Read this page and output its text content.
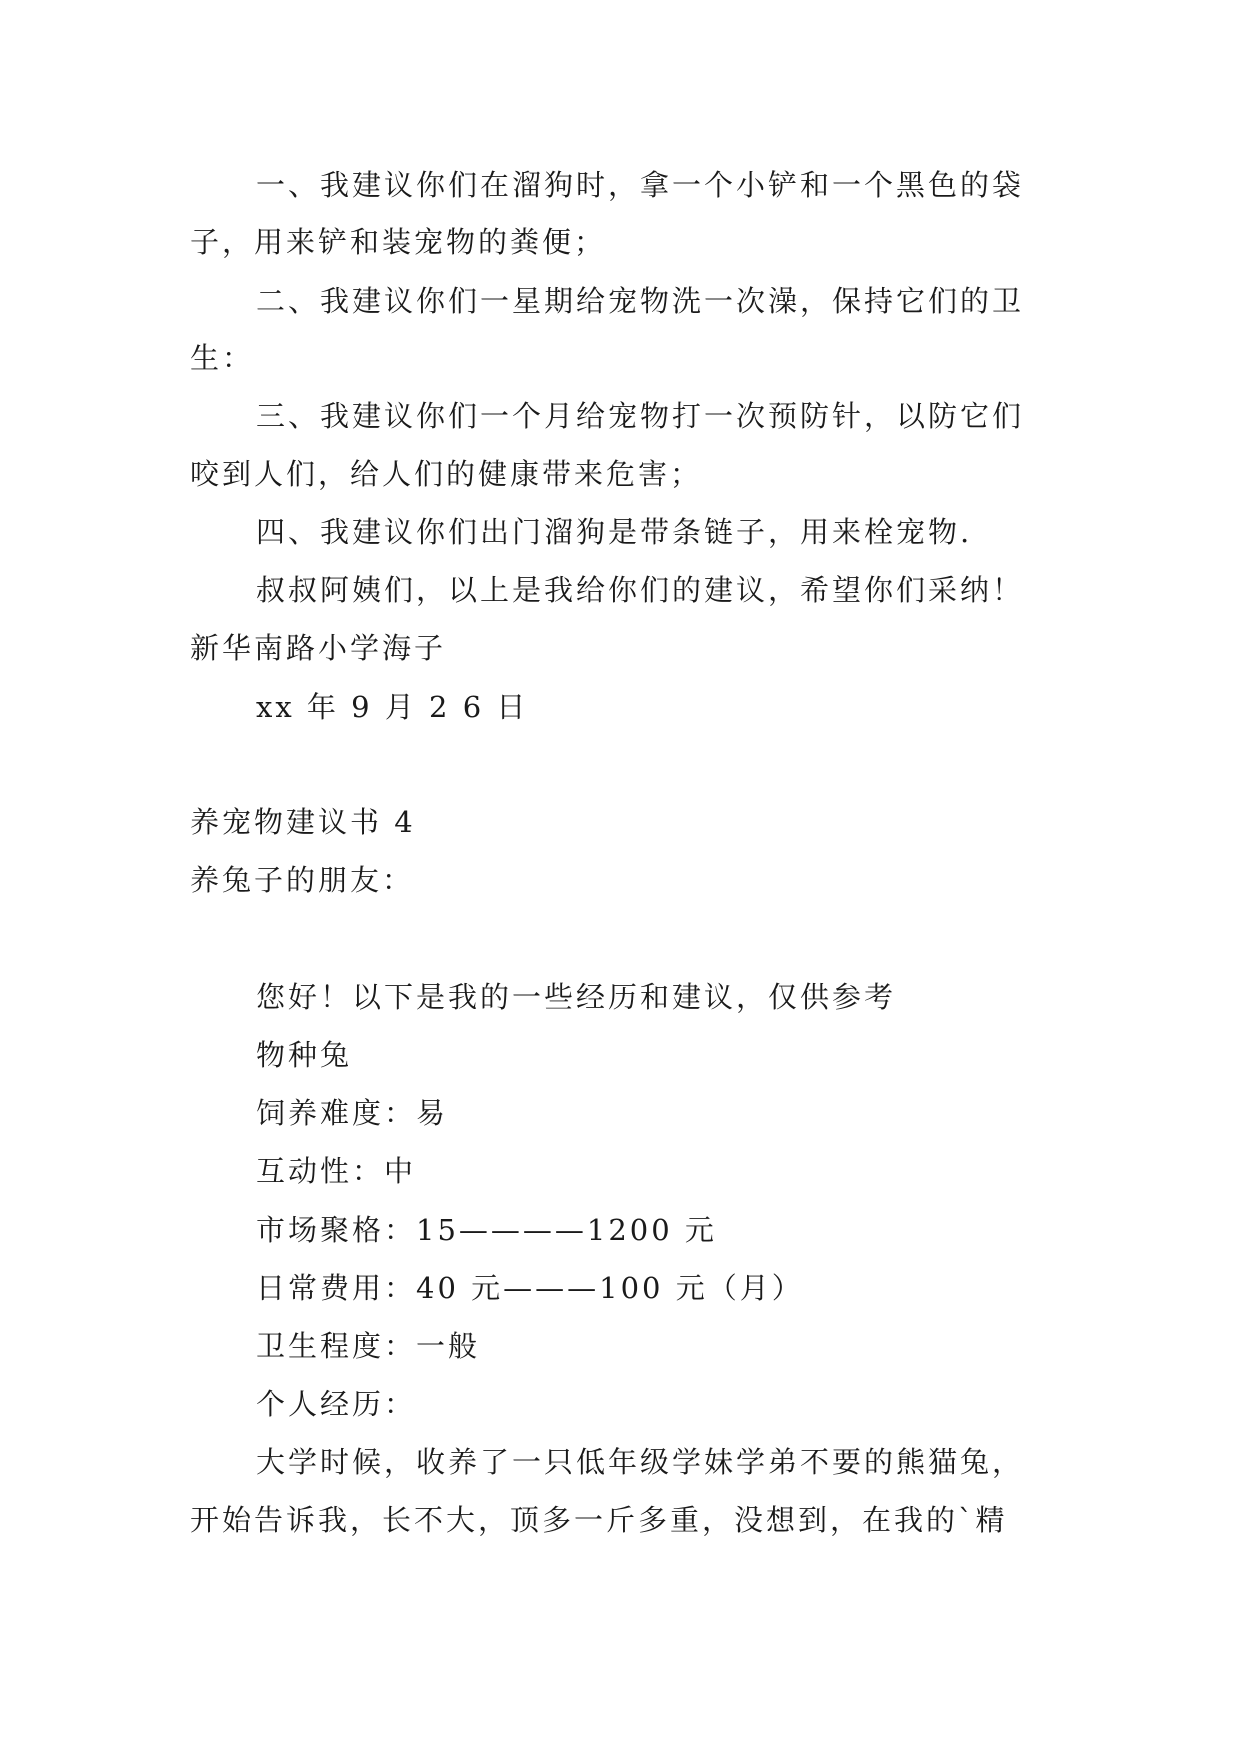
一、我建议你们在溜狗时，拿一个小铲和一个黑色的袋
子，用来铲和装宠物的粪便；
二、我建议你们一星期给宠物洗一次澡，保持它们的卫
生：
三、我建议你们一个月给宠物打一次预防针，以防它们
咬到人们，给人们的健康带来危害；
四、我建议你们出门溜狗是带条链子，用来栓宠物.
叔叔阿姨们，以上是我给你们的建议，希望你们采纳！
新华南路小学海子
xx 年 9 月 2 6 日
养宠物建议书 4
养兔子的朋友：
您好！以下是我的一些经历和建议，仅供参考
物种兔
饲养难度：易
互动性：中
市场聚格：15————1200 元
日常费用：40 元———100 元（月）
卫生程度：一般
个人经历：
大学时候，收养了一只低年级学妹学弟不要的熊猫兔，
开始告诉我，长不大，顶多一斤多重，没想到，在我的`精
